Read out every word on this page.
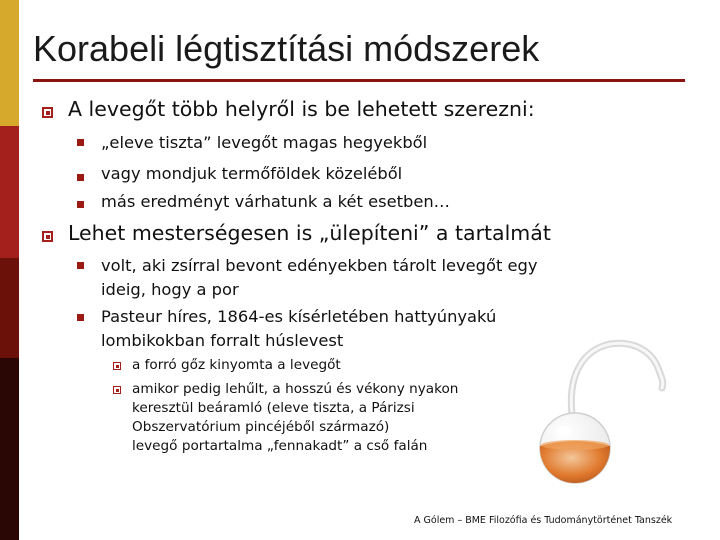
Korabeli légtisztítási módszerek
A levegőt több helyről is be lehetett szerezni:
„eleve tiszta” levegőt magas hegyekből
vagy mondjuk termőföldek közeléből
más eredményt várhatunk a két esetben…
Lehet mesterségesen is „ülepíteni” a tartalmát
volt, aki zsírral bevont edényekben tárolt levegőt egy
ideig, hogy a por
Pasteur híres, 1864-es kísérletében hattyúnyakú
lombikokban forralt húslevest
a forró gőz kinyomta a levegőt
amikor pedig lehűlt, a hosszú és vékony nyakon
keresztül beáramló (eleve tiszta, a Párizsi
Obszervatórium pincéjéből származó)
levegő portartalma „fennakadt” a cső falán
A Gólem – BME Filozófia és Tudománytörténet Tanszék
